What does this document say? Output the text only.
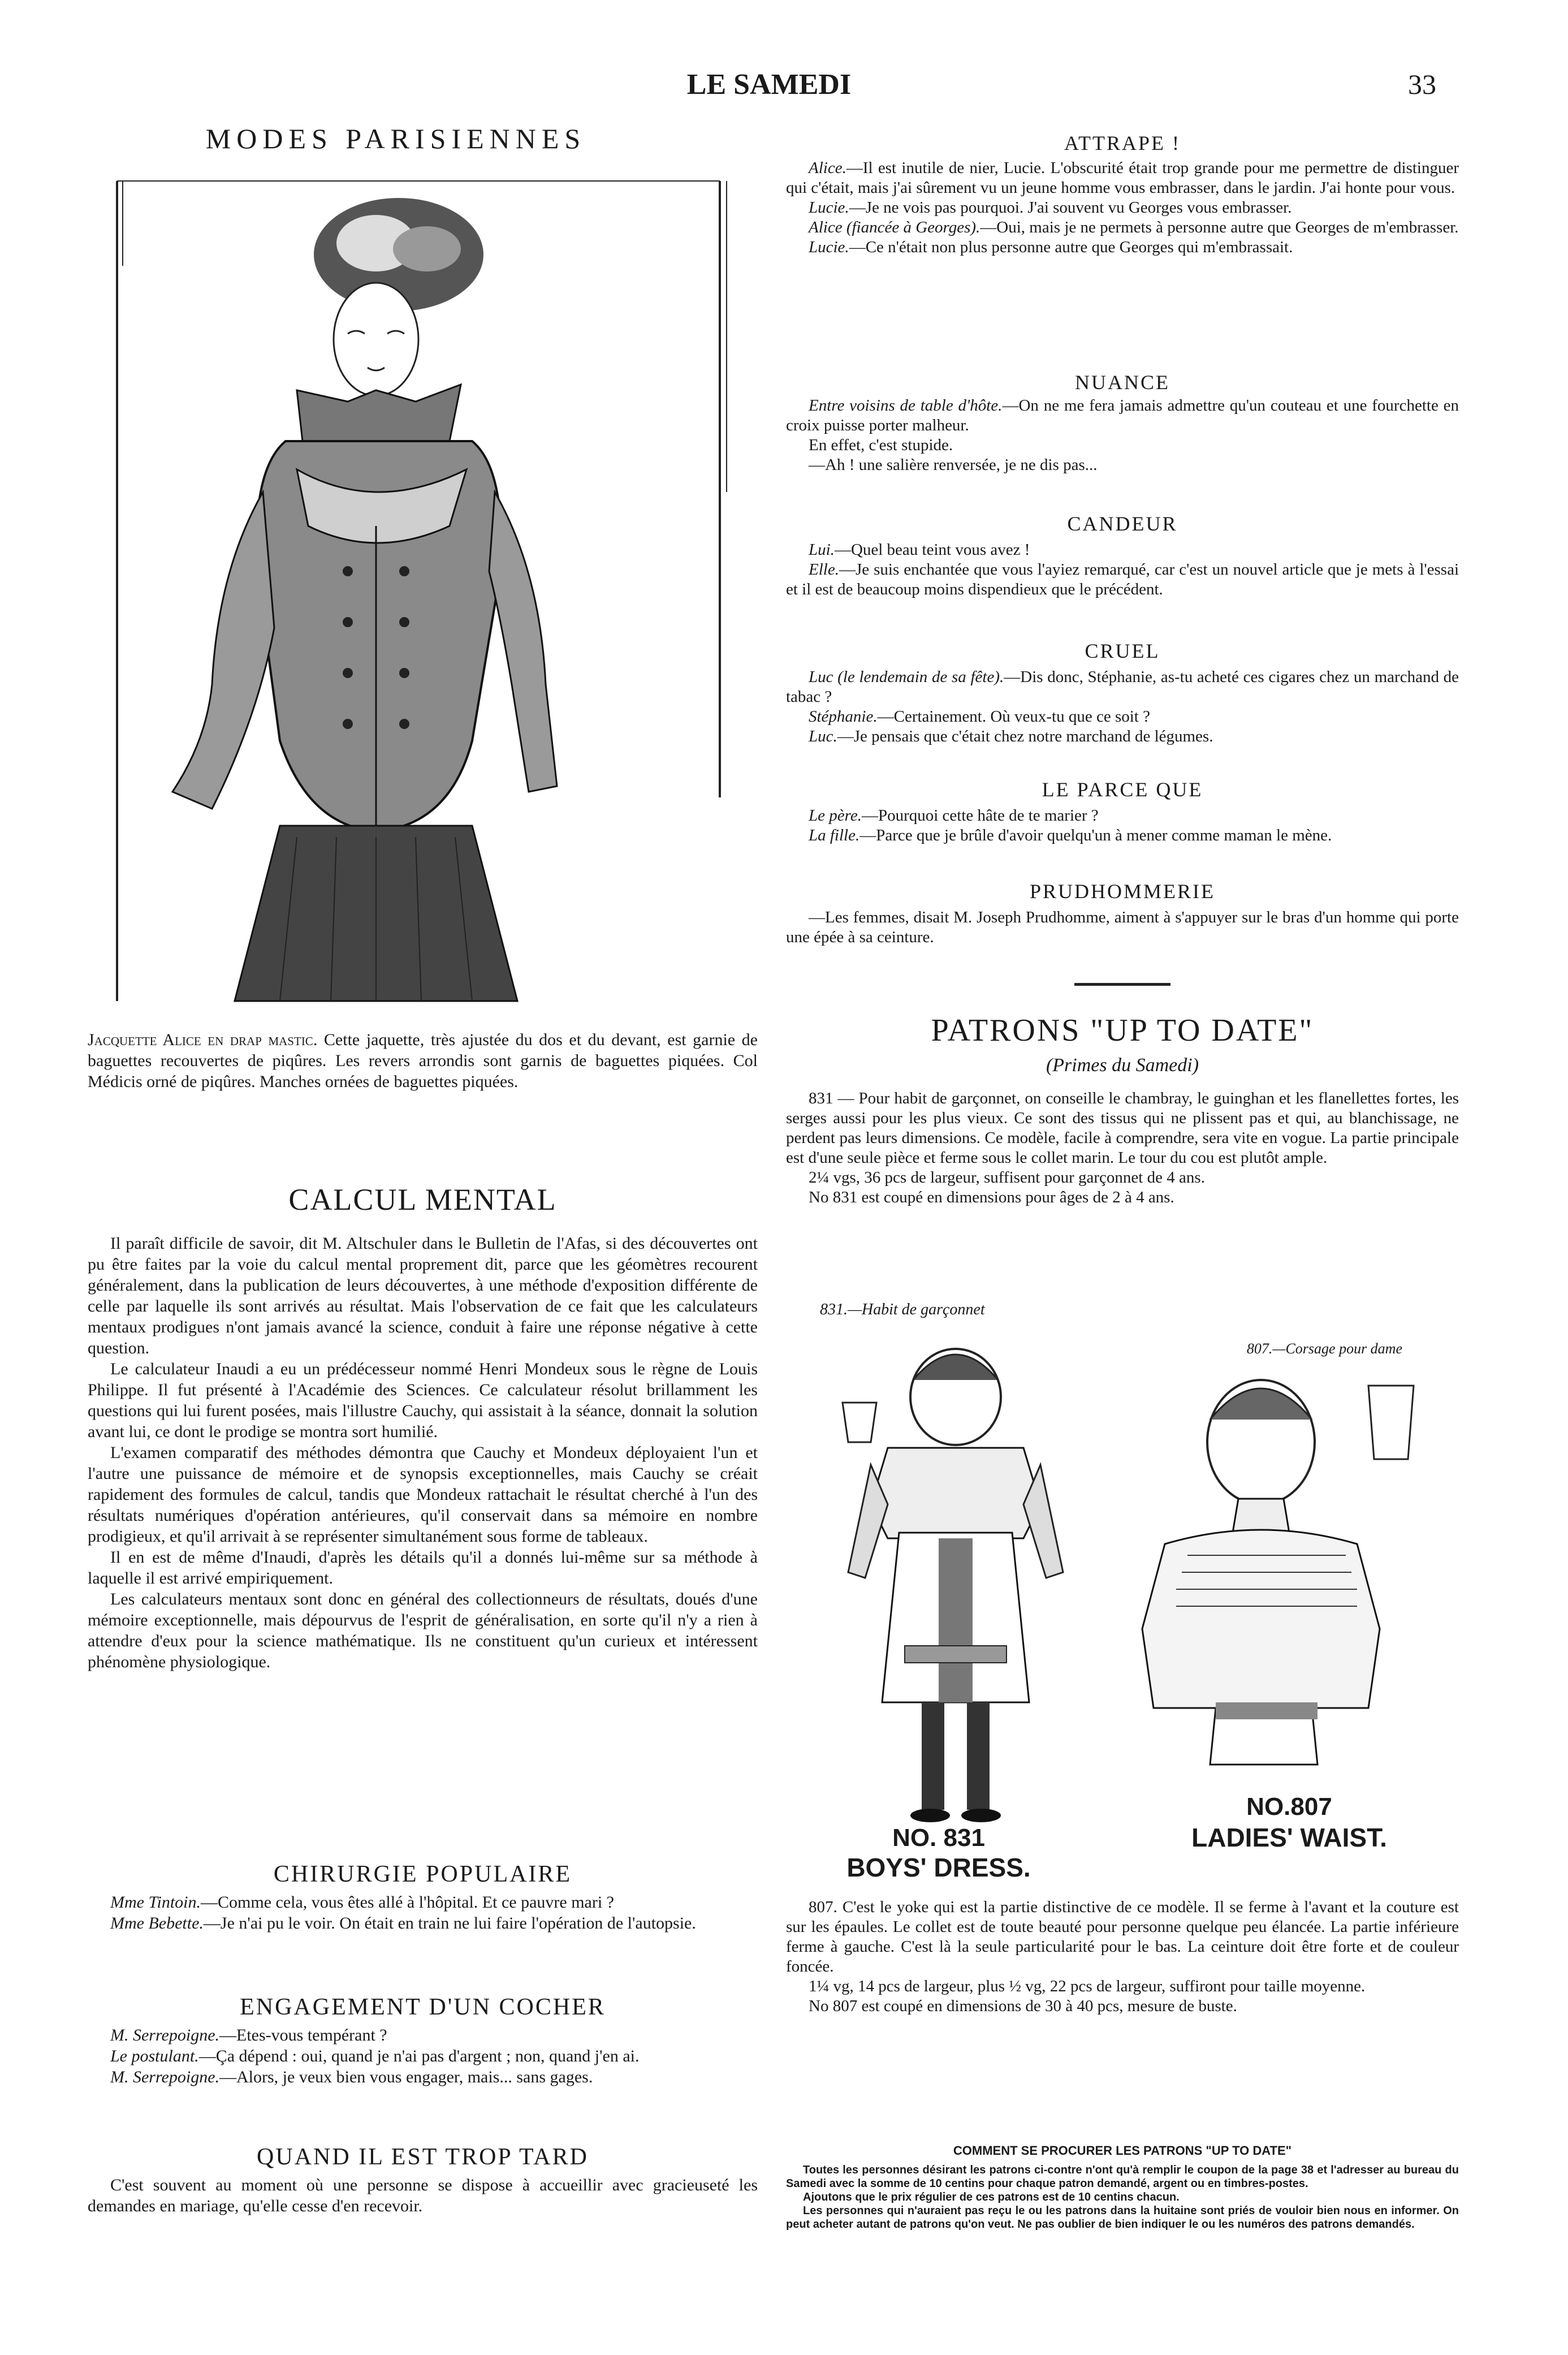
LE SAMEDI	33
MODES PARISIENNES
Jacquette Alice en drap mastic. Cette jaquette, très ajustée du dos et du devant, est garnie de baguettes recouvertes de piqûres. Les revers arrondis sont garnis de baguettes piquées. Col Médicis orné de piqûres. Manches ornées de baguettes piquées.
CALCUL MENTAL

Il paraît difficile de savoir, dit M. Altschuler dans le Bulletin de l'Afas, si des découvertes ont pu être faites par la voie du calcul mental proprement dit, parce que les géomètres recourent généralement, dans la publication de leurs découvertes, à une méthode d'exposition différente de celle par laquelle ils sont arrivés au résultat. Mais l'observation de ce fait que les calculateurs mentaux prodigues n'ont jamais avancé la science, conduit à faire une réponse négative à cette question.

Le calculateur Inaudi a eu un prédécesseur nommé Henri Mondeux sous le règne de Louis Philippe. Il fut présenté à l'Académie des Sciences. Ce calculateur résolut brillamment les questions qui lui furent posées, mais l'illustre Cauchy, qui assistait à la séance, donnait la solution avant lui, ce dont le prodige se montra sort humilié.

L'examen comparatif des méthodes démontra que Cauchy et Mondeux déployaient l'un et l'autre une puissance de mémoire et de synopsis exceptionnelles, mais Cauchy se créait rapidement des formules de calcul, tandis que Mondeux rattachait le résultat cherché à l'un des résultats numériques d'opération antérieures, qu'il conservait dans sa mémoire en nombre prodigieux, et qu'il arrivait à se représenter simultanément sous forme de tableaux.

Il en est de même d'Inaudi, d'après les détails qu'il a donnés lui-même sur sa méthode à laquelle il est arrivé empiriquement.

Les calculateurs mentaux sont donc en général des collectionneurs de résultats, doués d'une mémoire exceptionnelle, mais dépourvus de l'esprit de généralisation, en sorte qu'il n'y a rien à attendre d'eux pour la science mathématique. Ils ne constituent qu'un curieux et intéressent phénomène physiologique.

CHIRURGIE POPULAIRE

Mme Tintoin.—Comme cela, vous êtes allé à l'hôpital. Et ce pauvre mari ?

Mme Bebette.—Je n'ai pu le voir. On était en train ne lui faire l'opération de l'autopsie.

ENGAGEMENT D'UN COCHER

M. Serrepoigne.—Etes-vous tempérant ?

Le postulant.—Ça dépend : oui, quand je n'ai pas d'argent ; non, quand j'en ai.

M. Serrepoigne.—Alors, je veux bien vous engager, mais... sans gages.

QUAND IL EST TROP TARD

C'est souvent au moment où une personne se dispose à accueillir avec gracieuseté les demandes en mariage, qu'elle cesse d'en recevoir.

ATTRAPE !

Alice.—Il est inutile de nier, Lucie. L'obscurité était trop grande pour me permettre de distinguer qui c'était, mais j'ai sûrement vu un jeune homme vous embrasser, dans le jardin. J'ai honte pour vous.

Lucie.—Je ne vois pas pourquoi. J'ai souvent vu Georges vous embrasser.

Alice (fiancée à Georges).—Oui, mais je ne permets à personne autre que Georges de m'embrasser.

Lucie.—Ce n'était non plus personne autre que Georges qui m'embrassait.

NUANCE

Entre voisins de table d'hôte.—On ne me fera jamais admettre qu'un couteau et une fourchette en croix puisse porter malheur.

En effet, c'est stupide.

—Ah ! une salière renversée, je ne dis pas...

CANDEUR

Lui.—Quel beau teint vous avez !

Elle.—Je suis enchantée que vous l'ayiez remarqué, car c'est un nouvel article que je mets à l'essai et il est de beaucoup moins dispendieux que le précédent.

CRUEL

Luc (le lendemain de sa fête).—Dis donc, Stéphanie, as-tu acheté ces cigares chez un marchand de tabac ?

Stéphanie.—Certainement. Où veux-tu que ce soit ?

Luc.—Je pensais que c'était chez notre marchand de légumes.

LE PARCE QUE

Le père.—Pourquoi cette hâte de te marier ?

La fille.—Parce que je brûle d'avoir quelqu'un à mener comme maman le mène.

PRUDHOMMERIE

—Les femmes, disait M. Joseph Prudhomme, aiment à s'appuyer sur le bras d'un homme qui porte une épée à sa ceinture.

PATRONS "UP TO DATE"
(Primes du Samedi)

831 — Pour habit de garçonnet, on conseille le chambray, le guinghan et les flanellettes fortes, les serges aussi pour les plus vieux. Ce sont des tissus qui ne plissent pas et qui, au blanchissage, ne perdent pas leurs dimensions. Ce modèle, facile à comprendre, sera vite en vogue. La partie principale est d'une seule pièce et ferme sous le collet marin. Le tour du cou est plutôt ample.

2¼ vgs, 36 pcs de largeur, suffisent pour garçonnet de 4 ans.

No 831 est coupé en dimensions pour âges de 2 à 4 ans.

831.—Habit de garçonnet
807.—Corsage pour dame
NO. 831
BOYS' DRESS.
NO.807
LADIES' WAIST.

807. C'est le yoke qui est la partie distinctive de ce modèle. Il se ferme à l'avant et la couture est sur les épaules. Le collet est de toute beauté pour personne quelque peu élancée. La partie inférieure ferme à gauche. C'est là la seule particularité pour le bas. La ceinture doit être forte et de couleur foncée.

1¼ vg, 14 pcs de largeur, plus ½ vg, 22 pcs de largeur, suffiront pour taille moyenne.

No 807 est coupé en dimensions de 30 à 40 pcs, mesure de buste.

COMMENT SE PROCURER LES PATRONS "UP TO DATE"

Toutes les personnes désirant les patrons ci-contre n'ont qu'à remplir le coupon de la page 38 et l'adresser au bureau du Samedi avec la somme de 10 centins pour chaque patron demandé, argent ou en timbres-postes.

Ajoutons que le prix régulier de ces patrons est de 10 centins chacun.

Les personnes qui n'auraient pas reçu le ou les patrons dans la huitaine sont priés de vouloir bien nous en informer. On peut acheter autant de patrons qu'on veut. Ne pas oublier de bien indiquer le ou les numéros des patrons demandés.
